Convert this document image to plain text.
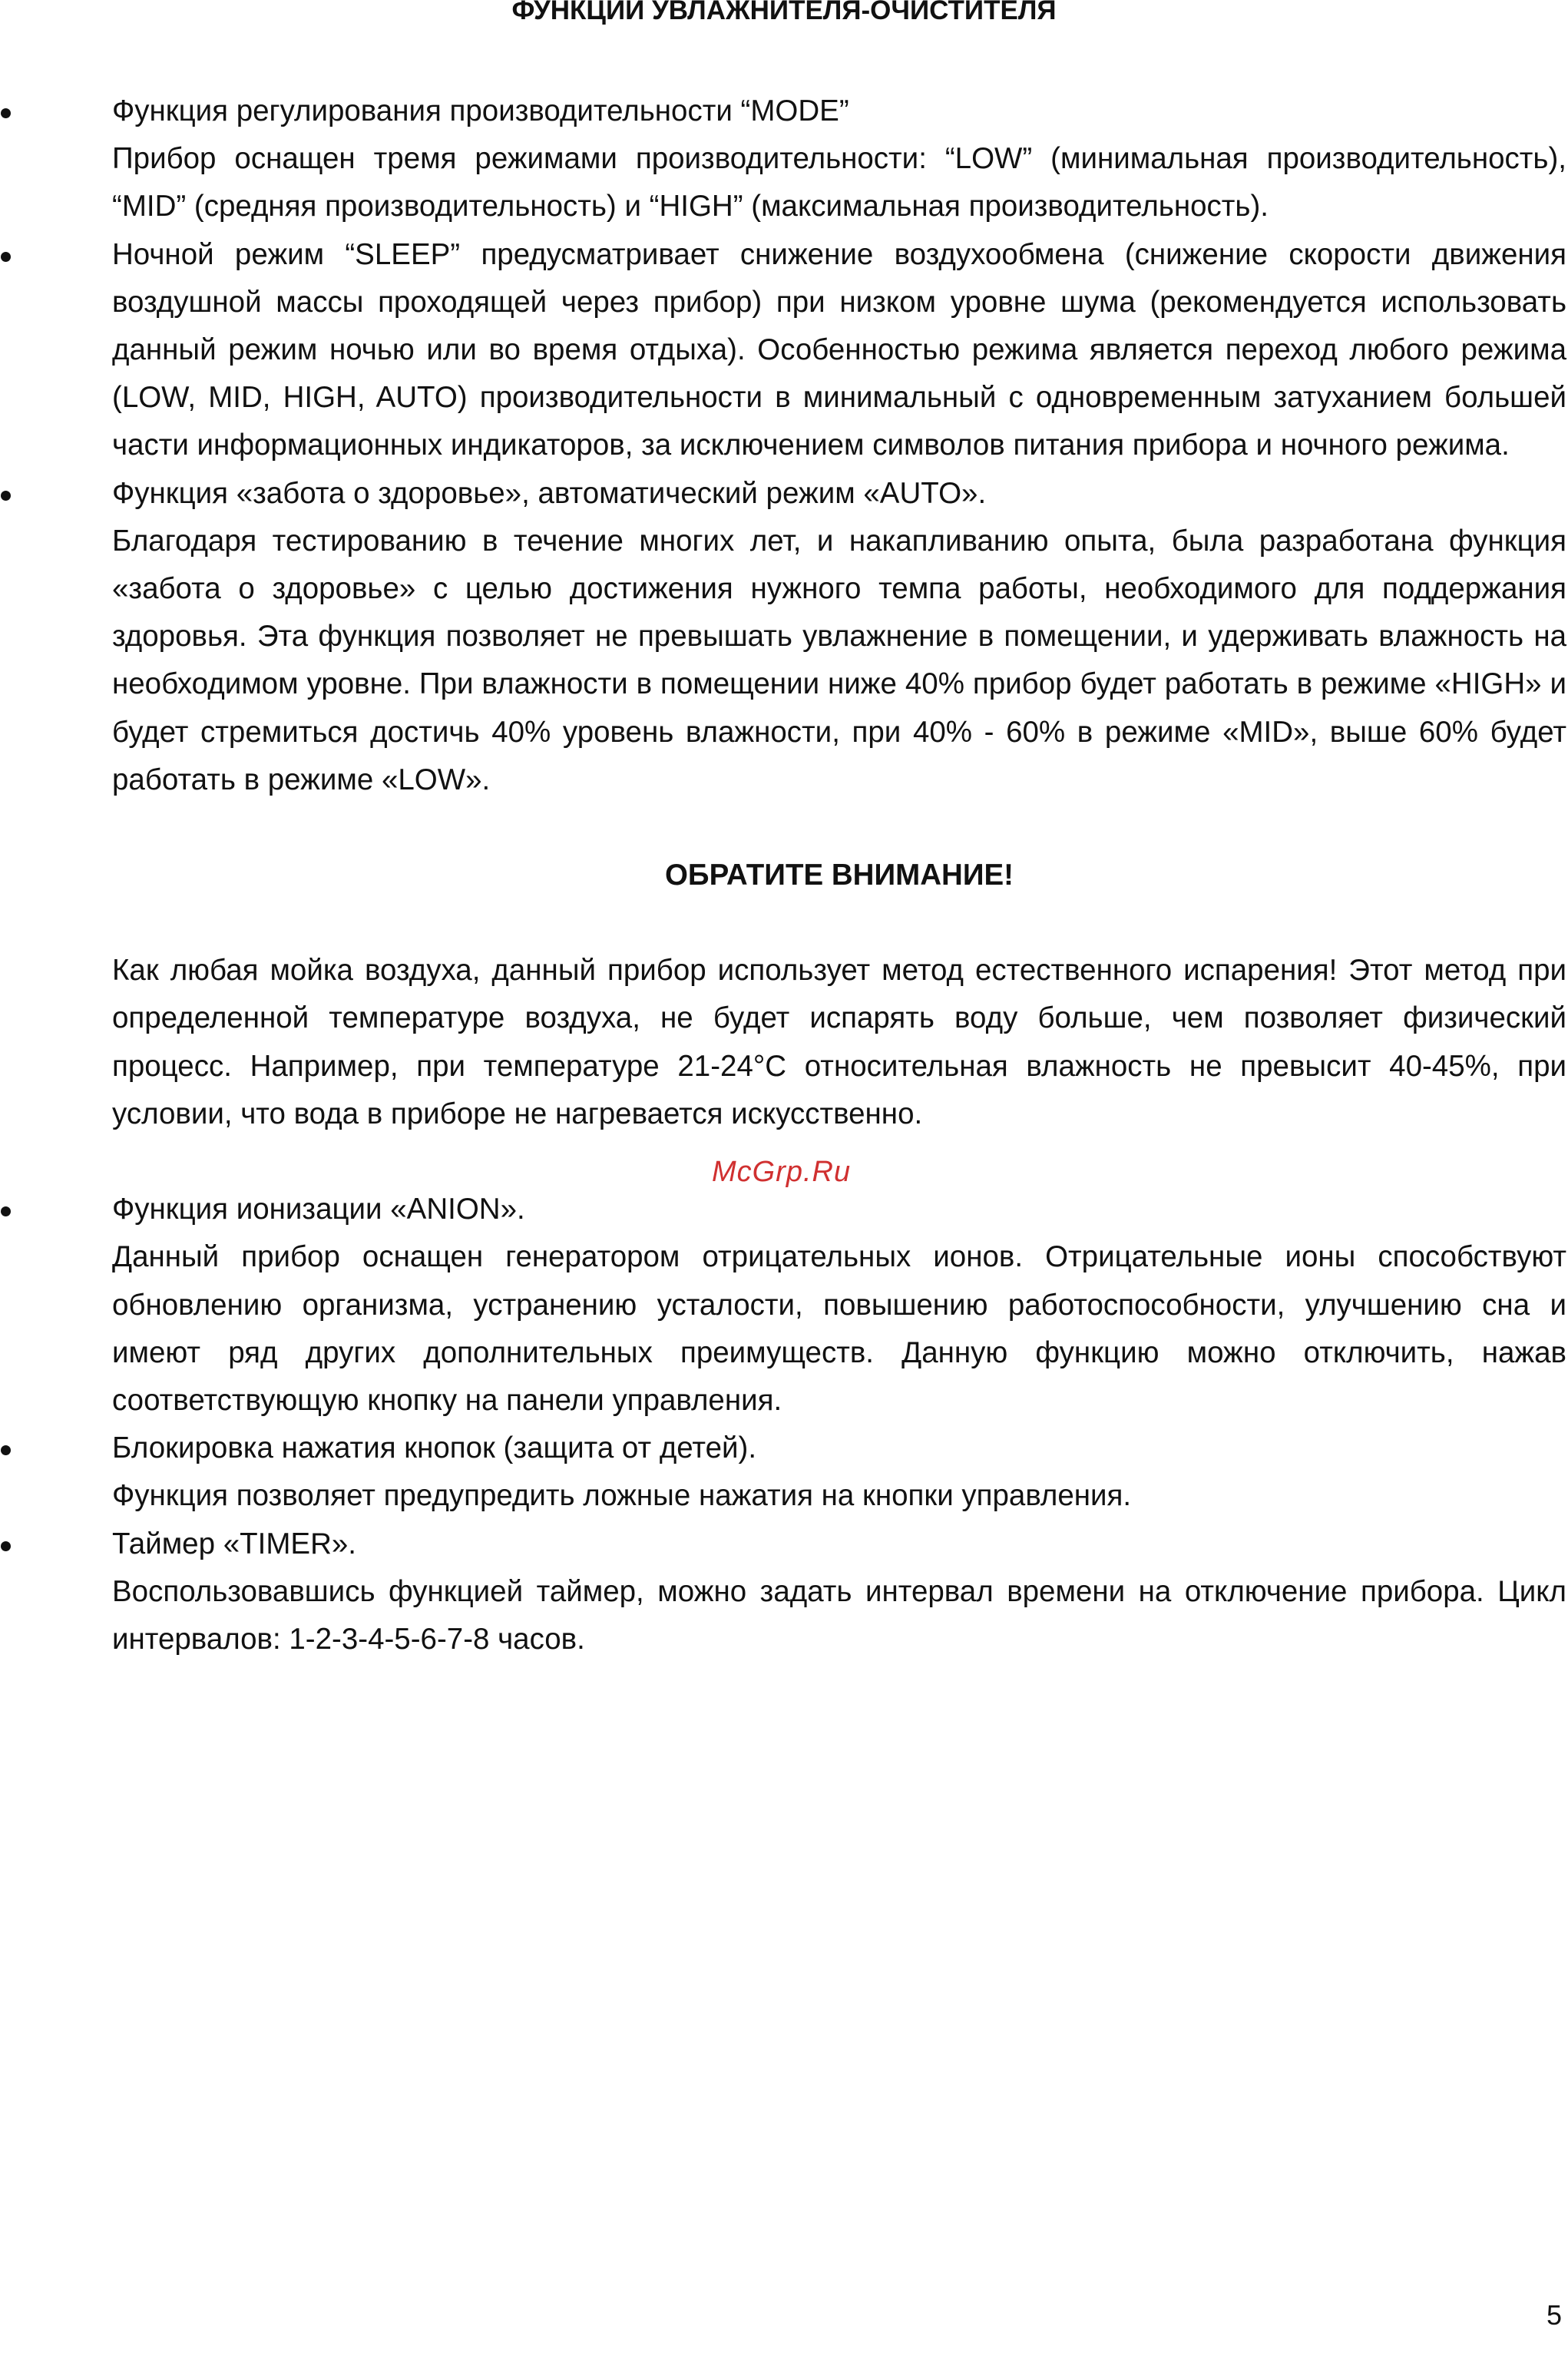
ФУНКЦИИ УВЛАЖНИТЕЛЯ-ОЧИСТИТЕЛЯ

Функция регулирования производительности “MODE”

Прибор оснащен тремя режимами производительности: “LOW” (минимальная производительность), “MID” (средняя производительность) и “HIGH” (максимальная производительность).

Ночной режим “SLEEP” предусматривает снижение воздухообмена (снижение скорости движения воздушной массы проходящей через прибор) при низком уровне шума (рекомендуется использовать данный режим ночью или во время отдыха). Особенностью режима является переход любого режима (LOW, MID, HIGH, AUTO) производительности в минимальный с одновременным затуханием большей части информационных индикаторов, за исключением символов питания прибора и ночного режима.

Функция «забота о здоровье», автоматический режим «AUTO».

Благодаря тестированию в течение многих лет, и накапливанию опыта, была разработана функция «забота о здоровье» с целью достижения нужного темпа работы, необходимого для поддержания здоровья. Эта функция позволяет не превышать увлажнение в помещении, и удерживать влажность на необходимом уровне. При влажности в помещении ниже 40% прибор будет работать в режиме «HIGH» и будет стремиться достичь 40% уровень влажности, при 40% - 60% в режиме «MID», выше 60% будет работать в режиме «LOW».

ОБРАТИТЕ ВНИМАНИЕ!

Как любая мойка воздуха, данный прибор использует метод естественного испарения! Этот метод при определенной температуре воздуха, не будет испарять воду больше, чем позволяет физический процесс. Например, при температуре 21-24°С относительная влажность не превысит 40-45%, при условии, что вода в приборе не нагревается искусственно.

Функция ионизации «ANION».

Данный прибор оснащен генератором отрицательных ионов. Отрицательные ионы способствуют обновлению организма, устранению усталости, повышению работоспособности, улучшению сна и имеют ряд других дополнительных преимуществ. Данную функцию можно отключить, нажав соответствующую кнопку на панели управления.

Блокировка нажатия кнопок (защита от детей).

Функция позволяет предупредить ложные нажатия на кнопки управления.

Таймер «TIMER».

Воспользовавшись функцией таймер, можно задать интервал времени на отключение прибора. Цикл интервалов: 1-2-3-4-5-6-7-8 часов.

McGrp.Ru
5
